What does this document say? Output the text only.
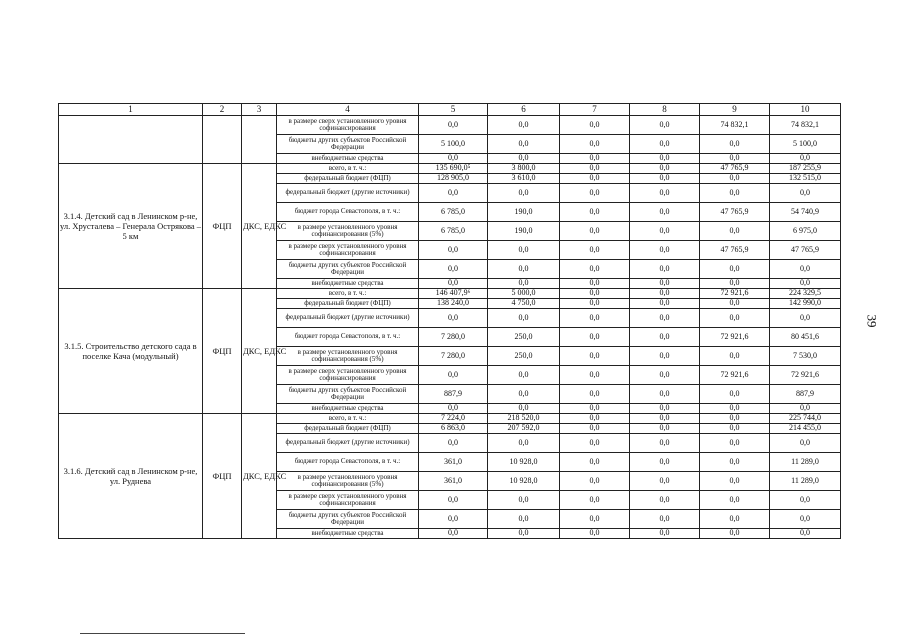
1	2	3	4	5	6	7	8	9	10
			в размере сверх установленного уровня софинансирования	0,0	0,0	0,0	0,0	74 832,1	74 832,1
			бюджеты других субъектов Российской Федерации	5 100,0	0,0	0,0	0,0	0,0	5 100,0
			внебюджетные средства	0,0	0,0	0,0	0,0	0,0	0,0
3.1.4. Детский сад в Ленинском р-не, ул. Хрусталева – Генерала Острякова – 5 км	ФЦП	ДКС, ЕДКС	всего, в т. ч.:	135 690,0⁵	3 800,0	0,0	0,0	47 765,9	187 255,9
			федеральный бюджет (ФЦП)	128 905,0	3 610,0	0,0	0,0	0,0	132 515,0
			федеральный бюджет (другие источники)	0,0	0,0	0,0	0,0	0,0	0,0
			бюджет города Севастополя, в т. ч.:	6 785,0	190,0	0,0	0,0	47 765,9	54 740,9
			в размере установленного уровня софинансирования (5%)	6 785,0	190,0	0,0	0,0	0,0	6 975,0
			в размере сверх установленного уровня софинансирования	0,0	0,0	0,0	0,0	47 765,9	47 765,9
			бюджеты других субъектов Российской Федерации	0,0	0,0	0,0	0,0	0,0	0,0
			внебюджетные средства	0,0	0,0	0,0	0,0	0,0	0,0
3.1.5. Строительство детского сада в поселке Кача (модульный)	ФЦП	ДКС, ЕДКС	всего, в т. ч.:	146 407,9⁶	5 000,0	0,0	0,0	72 921,6	224 329,5
			федеральный бюджет (ФЦП)	138 240,0	4 750,0	0,0	0,0	0,0	142 990,0
			федеральный бюджет (другие источники)	0,0	0,0	0,0	0,0	0,0	0,0
			бюджет города Севастополя, в т. ч.:	7 280,0	250,0	0,0	0,0	72 921,6	80 451,6
			в размере установленного уровня софинансирования (5%)	7 280,0	250,0	0,0	0,0	0,0	7 530,0
			в размере сверх установленного уровня софинансирования	0,0	0,0	0,0	0,0	72 921,6	72 921,6
			бюджеты других субъектов Российской Федерации	887,9	0,0	0,0	0,0	0,0	887,9
			внебюджетные средства	0,0	0,0	0,0	0,0	0,0	0,0
3.1.6. Детский сад в Ленинском р-не, ул. Руднева	ФЦП	ДКС, ЕДКС	всего, в т. ч.:	7 224,0	218 520,0	0,0	0,0	0,0	225 744,0
			федеральный бюджет (ФЦП)	6 863,0	207 592,0	0,0	0,0	0,0	214 455,0
			федеральный бюджет (другие источники)	0,0	0,0	0,0	0,0	0,0	0,0
			бюджет города Севастополя, в т. ч.:	361,0	10 928,0	0,0	0,0	0,0	11 289,0
			в размере установленного уровня софинансирования (5%)	361,0	10 928,0	0,0	0,0	0,0	11 289,0
			в размере сверх установленного уровня софинансирования	0,0	0,0	0,0	0,0	0,0	0,0
			бюджеты других субъектов Российской Федерации	0,0	0,0	0,0	0,0	0,0	0,0
			внебюджетные средства	0,0	0,0	0,0	0,0	0,0	0,0
39
